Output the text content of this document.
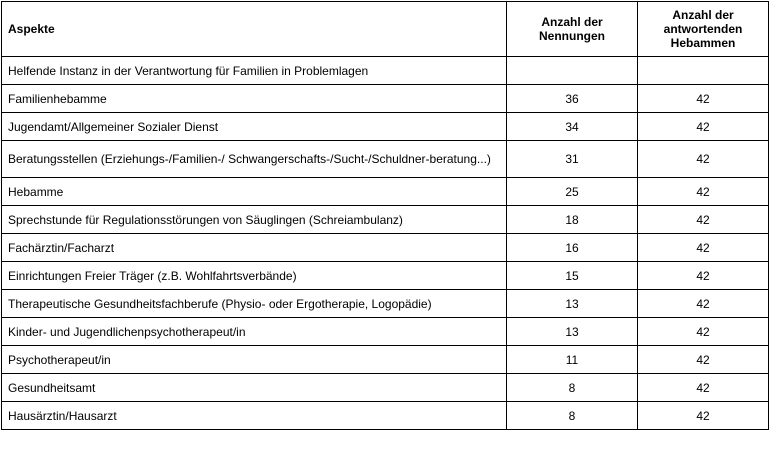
Aspekte	Anzahl der Nennungen	Anzahl der antwortenden Hebammen
Helfende Instanz in der Verantwortung für Familien in Problemlagen		
Familienhebamme	36	42
Jugendamt/Allgemeiner Sozialer Dienst	34	42
Beratungsstellen (Erziehungs-/Familien-/ Schwangerschafts-/Sucht-/Schuldner-beratung...)	31	42
Hebamme	25	42
Sprechstunde für Regulationsstörungen von Säuglingen (Schreiambulanz)	18	42
Fachärztin/Facharzt	16	42
Einrichtungen Freier Träger (z.B. Wohlfahrtsverbände)	15	42
Therapeutische Gesundheitsfachberufe (Physio- oder Ergotherapie, Logopädie)	13	42
Kinder- und Jugendlichenpsychotherapeut/in	13	42
Psychotherapeut/in	11	42
Gesundheitsamt	8	42
Hausärztin/Hausarzt	8	42
